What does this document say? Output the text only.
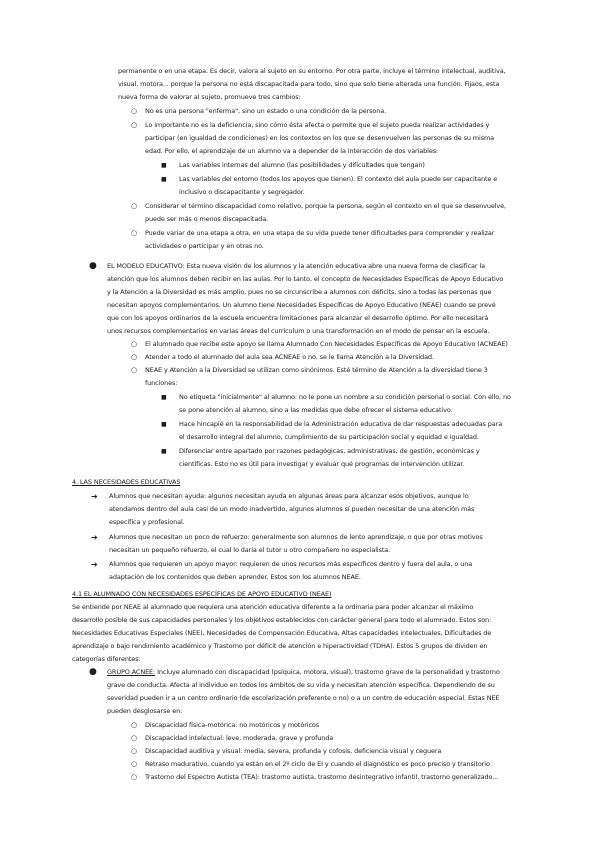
permanente o en una etapa. Es decir, valora al sujeto en su entorno. Por otra parte, incluye el término intelectual, auditiva,
visual, motora... porque la persona no está discapacitada para todo, sino que solo tiene alterada una función. Fijaos, esta
nueva forma de valorar al sujeto, promueve tres cambios:
○ No es una persona "enferma", sino un estado o una condición de la persona.
○ Lo importante no es la deficiencia, sino cómo ésta afecta o permite que el sujeto pueda realizar actividades y
participar (en igualdad de condiciones) en los contextos en los que se desenvuelven las personas de su misma
edad. Por ello, el aprendizaje de un alumno va a depender de la interacción de dos variables:
■ Las variables internas del alumno (las posibilidades y dificultades que tengan)
■ Las variables del entorno (todos los apoyos que tienen). El contexto del aula puede ser capacitante e
inclusivo o discapacitante y segregador.
○ Considerar el término discapacidad como relativo, porque la persona, según el contexto en el que se desenvuelve,
puede ser más o menos discapacitada.
○ Puede variar de una etapa a otra, en una etapa de su vida puede tener dificultades para comprender y realizar
actividades o participar y en otras no.
● EL MODELO EDUCATIVO: Esta nueva visión de los alumnos y la atención educativa abre una nueva forma de clasificar la
atención que los alumnos deben recibir en las aulas. Por lo tanto, el concepto de Necesidades Específicas de Apoyo Educativo
y la Atención a la Diversidad es más amplio, pues no se circunscribe a alumnos con déficits, sino a todas las personas que
necesitan apoyos complementarios. Un alumno tiene Necesidades Específicas de Apoyo Educativo (NEAE) cuando se prevé
que con los apoyos ordinarios de la escuela encuentra limitaciones para alcanzar el desarrollo óptimo. Por ello necesitará
unos recursos complementarios en varias áreas del currículum o una transformación en el modo de pensar en la escuela.
○ El alumnado que recibe este apoyo se llama Alumnado Con Necesidades Específicas de Apoyo Educativo (ACNEAE)
○ Atender a todo el alumnado del aula sea ACNEAE o no, se le llama Atención a la Diversidad.
○ NEAE y Atención a la Diversidad se utilizan como sinónimos. Esté término de Atención a la diversidad tiene 3
funciones:
■ No etiqueta "inicialmente" al alumno: no le pone un nombre a su condición personal o social. Con ello, no
se pone atención al alumno, sino a las medidas que debe ofrecer el sistema educativo.
■ Hace hincapié en la responsabilidad de la Administración educativa de dar respuestas adecuadas para
el desarrollo integral del alumno, cumplimiento de su participación social y equidad e igualdad.
■ Diferenciar entre apartado por razones pedagógicas, administrativas, de gestión, económicas y
científicas. Esto no es útil para investigar y evaluar qué programas de intervención utilizar.
4. LAS NECESIDADES EDUCATIVAS
➔ Alumnos que necesitan ayuda: algunos necesitan ayuda en algunas áreas para alcanzar esos objetivos, aunque lo
atendamos dentro del aula casi de un modo inadvertido, algunos alumnos sí pueden necesitar de una atención más
específica y profesional.
➔ Alumnos que necesitan un poco de refuerzo: generalmente son alumnos de lento aprendizaje, o que por otras motivos
necesitan un pequeño refuerzo, el cual lo daría el tutor u otro compañero no especialista.
➔ Alumnos que requieren un apoyo mayor: requieren de unos recursos más específicos dentro y fuera del aula, o una
adaptación de los contenidos que deben aprender. Estos son los alumnos NEAE.
4.1 EL ALUMNADO CON NECESIDADES ESPECÍFICAS DE APOYO EDUCATIVO (NEAE)
Se entiende por NEAE al alumnado que requiera una atención educativa diferente a la ordinaria para poder alcanzar el máximo
desarrollo posible de sus capacidades personales y los objetivos establecidos con carácter general para todo el alumnado. Estos son:
Necesidades Educativas Especiales (NEE), Necesidades de Compensación Educativa, Altas capacidades intelectuales, Dificultades de
aprendizaje o bajo rendimiento académico y Trastorno por déficit de atención e hiperactividad (TDHA). Estos 5 grupos de dividen en
categorías diferentes:
● GRUPO ACNEE: Incluye alumnado con discapacidad (psíquica, motora, visual), trastorno grave de la personalidad y trastorno
grave de conducta. Afecta al individuo en todos los ámbitos de su vida y necesitan atención específica. Dependiendo de su
severidad pueden ir a un centro ordinario (de escolarización preferente o no) o a un centro de educación especial. Estas NEE
pueden desglosarse en:
○ Discapacidad física-motórica: no motóricos y motóricos
○ Discapacidad intelectual: leve, moderada, grave y profunda
○ Discapacidad auditiva y visual: media, severa, profunda y cofosis, deficiencia visual y ceguera
○ Retraso madurativo, cuando ya están en el 2º ciclo de EI y cuando el diagnóstico es poco preciso y transitorio
○ Trastorno del Espectro Autista (TEA): trastorno autista, trastorno desintegrativo infantil, trastorno generalizado...
